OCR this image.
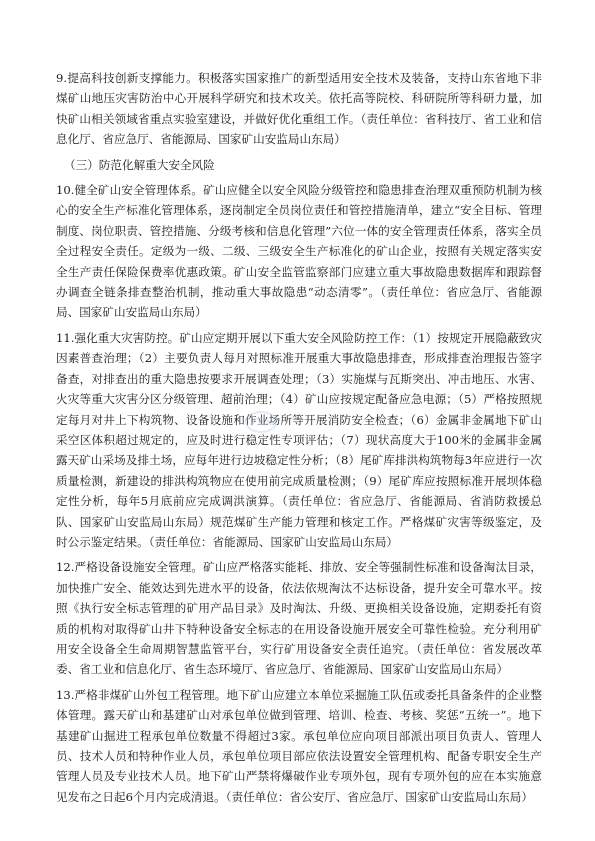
9.提高科技创新支撑能力。积极落实国家推广的新型适用安全技术及装备，支持山东省地下非煤矿山地压灾害防治中心开展科学研究和技术攻关。依托高等院校、科研院所等科研力量，加快矿山相关领域省重点实验室建设，并做好优化重组工作。（责任单位：省科技厅、省工业和信息化厅、省应急厅、省能源局、国家矿山安监局山东局）

（三）防范化解重大安全风险

10.健全矿山安全管理体系。矿山应健全以安全风险分级管控和隐患排查治理双重预防机制为核心的安全生产标准化管理体系，逐岗制定全员岗位责任和管控措施清单，建立“安全目标、管理制度、岗位职责、管控措施、分级考核和信息化管理”六位一体的安全管理责任体系，落实全员全过程安全责任。定级为一级、二级、三级安全生产标准化的矿山企业，按照有关规定落实安全生产责任保险保费率优惠政策。矿山安全监管监察部门应建立重大事故隐患数据库和跟踪督办调查全链条排查整治机制，推动重大事故隐患“动态清零”。（责任单位：省应急厅、省能源局、国家矿山安监局山东局）

11.强化重大灾害防控。矿山应定期开展以下重大安全风险防控工作：（1）按规定开展隐蔽致灾因素普查治理；（2）主要负责人每月对照标准开展重大事故隐患排查，形成排查治理报告签字备查，对排查出的重大隐患按要求开展调查处理；（3）实施煤与瓦斯突出、冲击地压、水害、火灾等重大灾害分区分级管理、超前治理；（4）矿山应按规定配备应急电源；（5）严格按照规定每月对井上下构筑物、设备设施和作业场所等开展消防安全检查；（6）金属非金属地下矿山采空区体积超过规定的，应及时进行稳定性专项评估；（7）现状高度大于100米的金属非金属露天矿山采场及排土场，应每年进行边坡稳定性分析；（8）尾矿库排洪构筑物每3年应进行一次质量检测，新建设的排洪构筑物应在使用前完成质量检测；（9）尾矿库应按照标准开展坝体稳定性分析，每年5月底前应完成调洪演算。（责任单位：省应急厅、省能源局、省消防救援总队、国家矿山安监局山东局）规范煤矿生产能力管理和核定工作。严格煤矿灾害等级鉴定，及时公示鉴定结果。（责任单位：省能源局、国家矿山安监局山东局）

12.严格设备设施安全管理。矿山应严格落实能耗、排放、安全等强制性标准和设备淘汰目录，加快推广安全、能效达到先进水平的设备，依法依规淘汰不达标设备，提升安全可靠水平。按照《执行安全标志管理的矿用产品目录》及时淘汰、升级、更换相关设备设施，定期委托有资质的机构对取得矿山井下特种设备安全标志的在用设备设施开展安全可靠性检验。充分利用矿用安全设备全生命周期智慧监管平台，实行矿用设备安全责任追究。（责任单位：省发展改革委、省工业和信息化厅、省生态环境厅、省应急厅、省能源局、国家矿山安监局山东局）

13.严格非煤矿山外包工程管理。地下矿山应建立本单位采掘施工队伍或委托具备条件的企业整体管理。露天矿山和基建矿山对承包单位做到管理、培训、检查、考核、奖惩“五统一”。地下基建矿山掘进工程承包单位数量不得超过3家。承包单位应向项目部派出项目负责人、管理人员、技术人员和特种作业人员，承包单位项目部应依法设置安全管理机构、配备专职安全生产管理人员及专业技术人员。地下矿山严禁将爆破作业专项外包，现有专项外包的应在本实施意见发布之日起6个月内完成清退。（责任单位：省公安厅、省应急厅、国家矿山安监局山东局）
